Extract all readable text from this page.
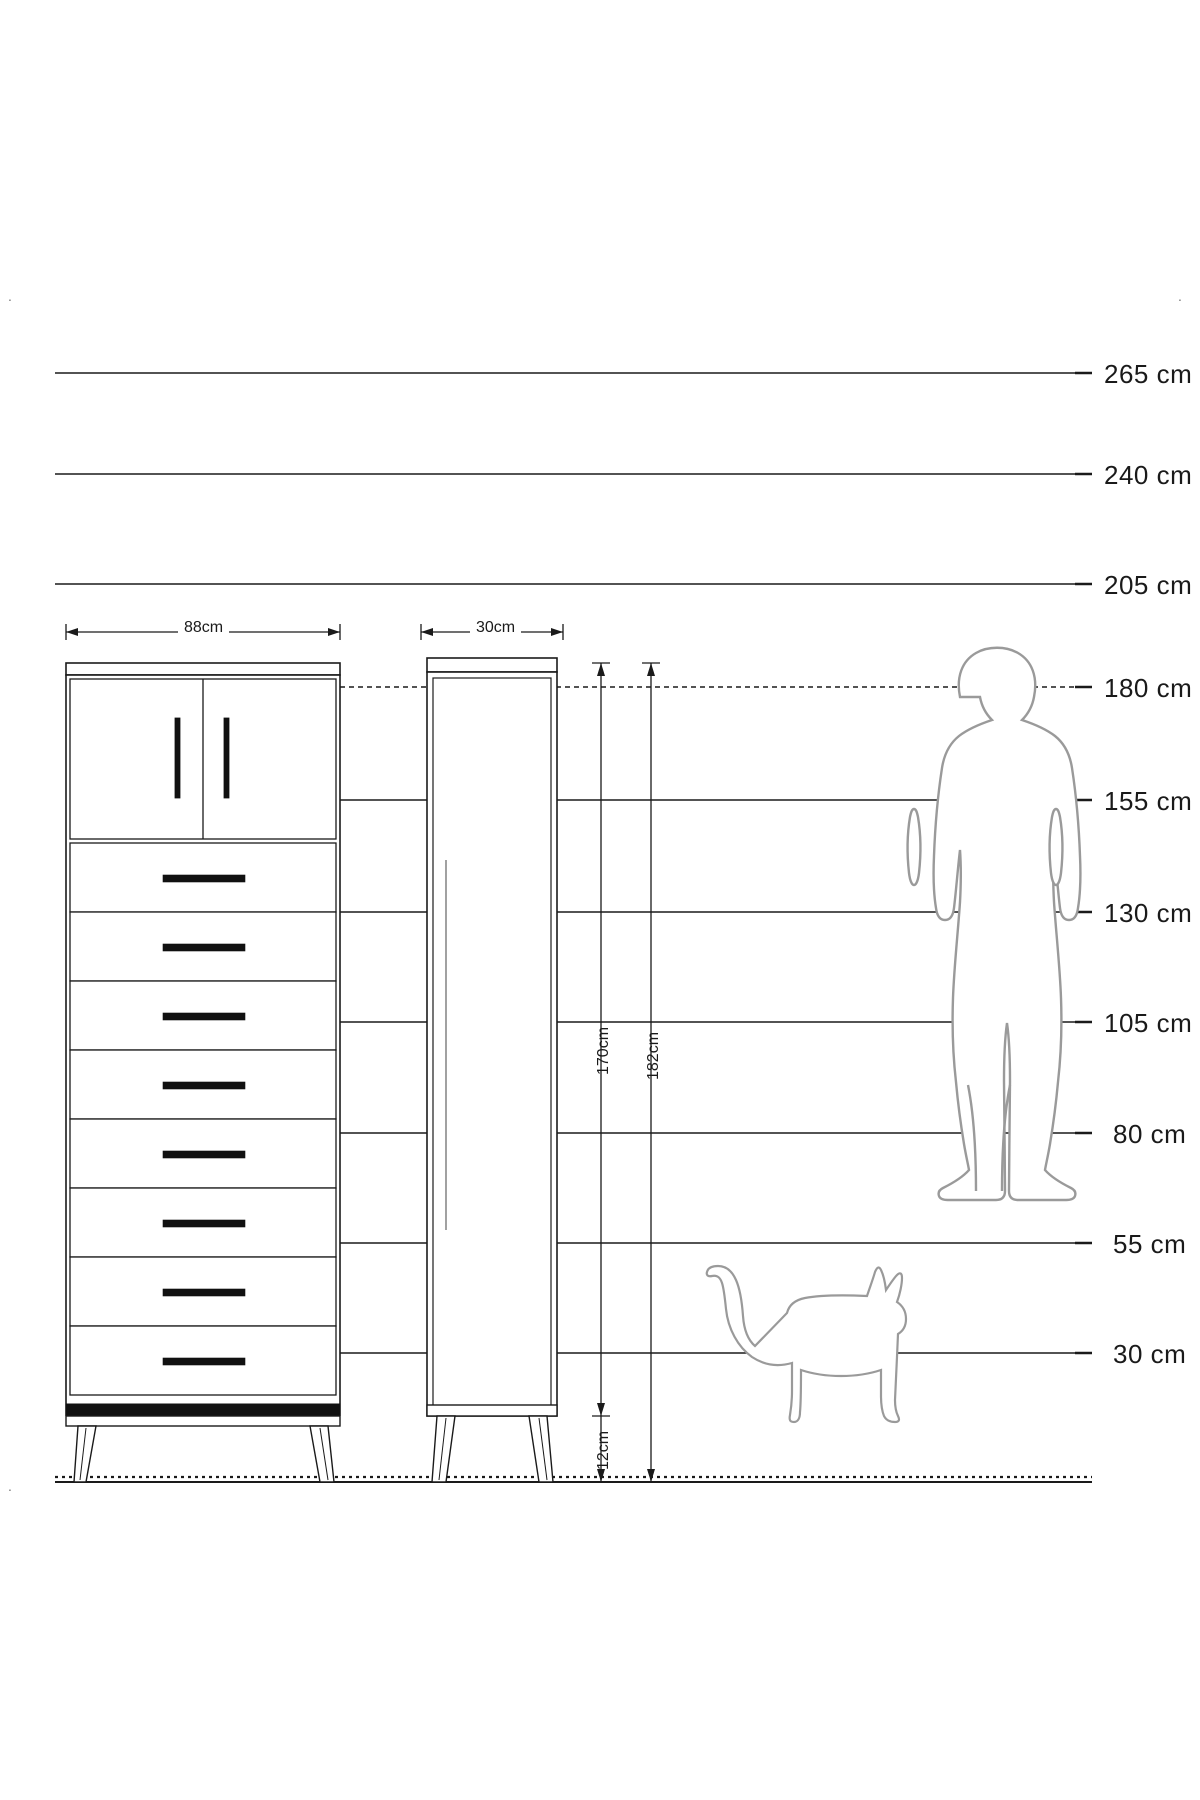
265 cm
240 cm
205 cm
180 cm
155 cm
130 cm
105 cm
80 cm
55 cm
30 cm
88cm	30cm
170cm 182cm
12cm
.
.
.
